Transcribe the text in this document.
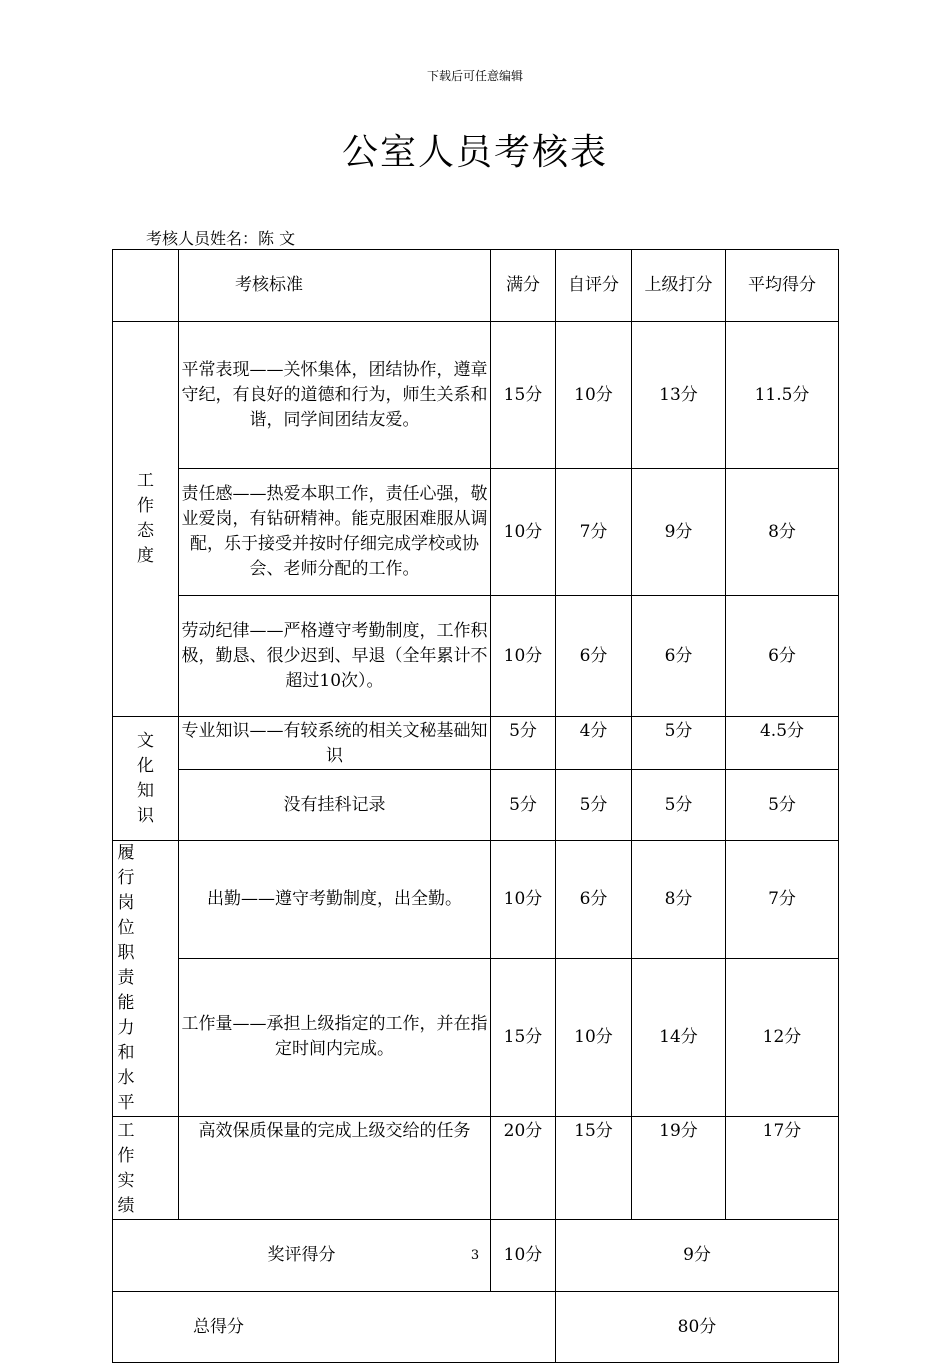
下载后可任意编辑
公室人员考核表
考核人员姓名：陈 文
	考核标准	满分	自评分	上级打分	平均得分
工作态度	平常表现——关怀集体，团结协作，遵章守纪，有良好的道德和行为，师生关系和谐，同学间团结友爱。	15分	10分	13分	11.5分
	责任感——热爱本职工作，责任心强，敬业爱岗，有钻研精神。能克服困难服从调配，乐于接受并按时仔细完成学校或协会、老师分配的工作。	10分	7分	9分	8分
	劳动纪律——严格遵守考勤制度，工作积极，勤恳、很少迟到、早退（全年累计不超过10次）。	10分	6分	6分	6分
文化知识	专业知识——有较系统的相关文秘基础知识	5分	4分	5分	4.5分
	没有挂科记录	5分	5分	5分	5分
履行岗位职责能力和水平	出勤——遵守考勤制度，出全勤。	10分	6分	8分	7分
	工作量——承担上级指定的工作，并在指定时间内完成。	15分	10分	14分	12分
工作实绩	高效保质保量的完成上级交给的任务	20分	15分	19分	17分
奖评得分		10分	9分		
总得分			80分		
3
